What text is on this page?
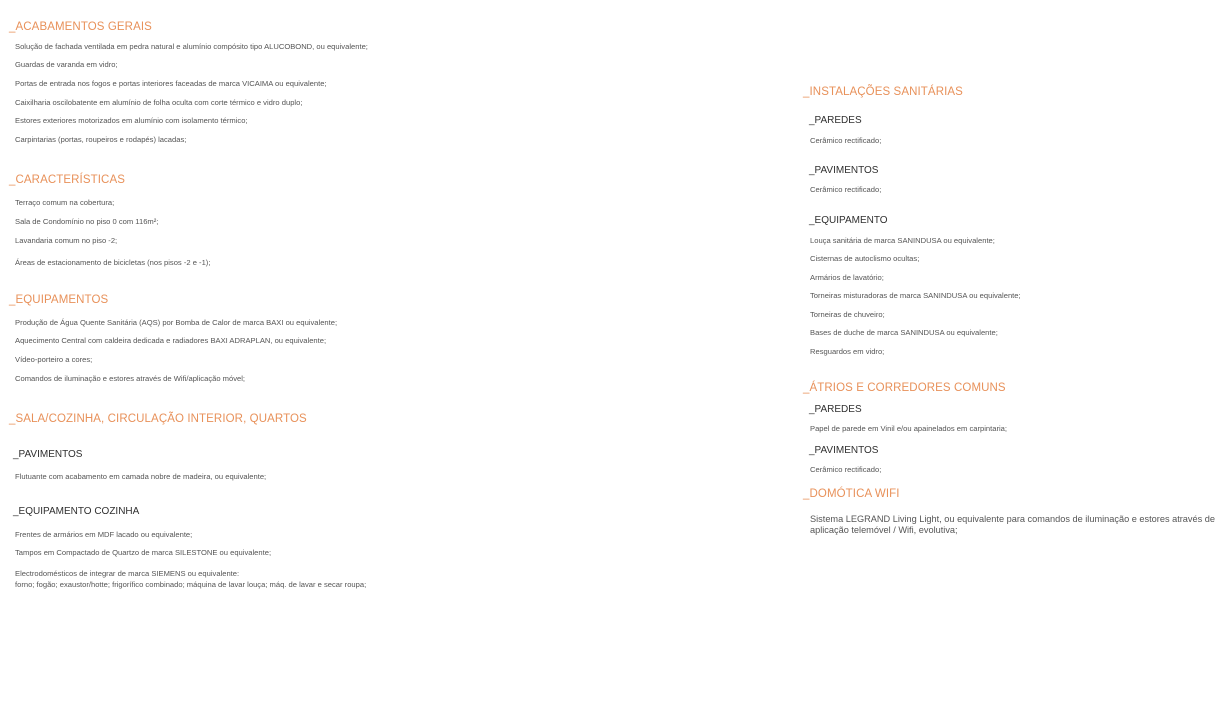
_ACABAMENTOS GERAIS
Solução de fachada ventilada em pedra natural e alumínio compósito tipo ALUCOBOND, ou equivalente;
Guardas de varanda em vidro;
Portas de entrada nos fogos e portas interiores faceadas de marca VICAIMA ou equivalente;
Caixilharia oscilobatente em alumínio de folha oculta com corte térmico e vidro duplo;
Estores exteriores motorizados em alumínio com isolamento térmico;
Carpintarias (portas, roupeiros e rodapés) lacadas;
_CARACTERÍSTICAS
Terraço comum na cobertura;
Sala de Condomínio no piso 0 com 116m²;
Lavandaria comum no piso -2;
Áreas de estacionamento de bicicletas (nos pisos -2 e -1);
_EQUIPAMENTOS
Produção de Água Quente Sanitária (AQS) por Bomba de Calor de marca BAXI ou equivalente;
Aquecimento Central com caldeira dedicada e radiadores BAXI ADRAPLAN, ou equivalente;
Vídeo-porteiro a cores;
Comandos de iluminação e estores através de Wifi/aplicação móvel;
_SALA/COZINHA, CIRCULAÇÃO INTERIOR, QUARTOS
_PAVIMENTOS
Flutuante com acabamento em camada nobre de madeira, ou equivalente;
_EQUIPAMENTO COZINHA
Frentes de armários em MDF lacado ou equivalente;
Tampos em Compactado de Quartzo de marca SILESTONE ou equivalente;
Electrodomésticos de integrar de marca SIEMENS ou equivalente:
forno; fogão; exaustor/hotte; frigorífico combinado; máquina de lavar louça; máq. de lavar e secar roupa;
_INSTALAÇÕES SANITÁRIAS
_PAREDES
Cerâmico rectificado;
_PAVIMENTOS
Cerâmico rectificado;
_EQUIPAMENTO
Louça sanitária de marca SANINDUSA ou equivalente;
Cisternas de autoclismo ocultas;
Armários de lavatório;
Torneiras misturadoras de marca SANINDUSA ou equivalente;
Torneiras de chuveiro;
Bases de duche de marca SANINDUSA ou equivalente;
Resguardos em vidro;
_ÁTRIOS E CORREDORES COMUNS
_PAREDES
Papel de parede em Vinil e/ou apainelados em carpintaria;
_PAVIMENTOS
Cerâmico rectificado;
_DOMÓTICA WIFI
Sistema LEGRAND Living Light, ou equivalente para comandos de iluminação e estores através de aplicação telemóvel / Wifi, evolutiva;
